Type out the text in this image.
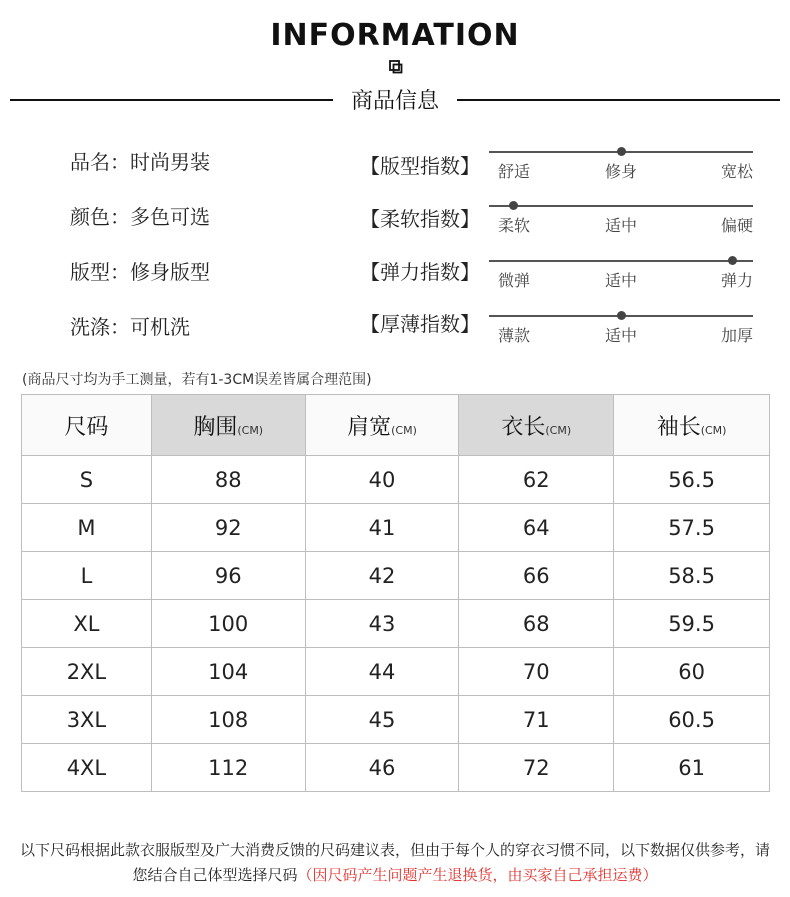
INFORMATION
商品信息
品名：时尚男装
颜色：多色可选
版型：修身版型
洗涤：可机洗
【版型指数】 舒适	修身	宽松
【柔软指数】 柔软	适中	偏硬
【弹力指数】 微弹	适中	弹力
【厚薄指数】 薄款	适中	加厚
(商品尺寸均为手工测量，若有1-3CM误差皆属合理范围)
尺码	胸围(CM)	肩宽(CM)	衣长(CM)	袖长(CM)
S	88	40	62	56.5
M	92	41	64	57.5
L	96	42	66	58.5
XL	100	43	68	59.5
2XL	104	44	70	60
3XL	108	45	71	60.5
4XL	112	46	72	61
以下尺码根据此款衣服版型及广大消费反馈的尺码建议表，但由于每个人的穿衣习惯不同，以下数据仅供参考，请您结合自己体型选择尺码（因尺码产生问题产生退换货，由买家自己承担运费）
